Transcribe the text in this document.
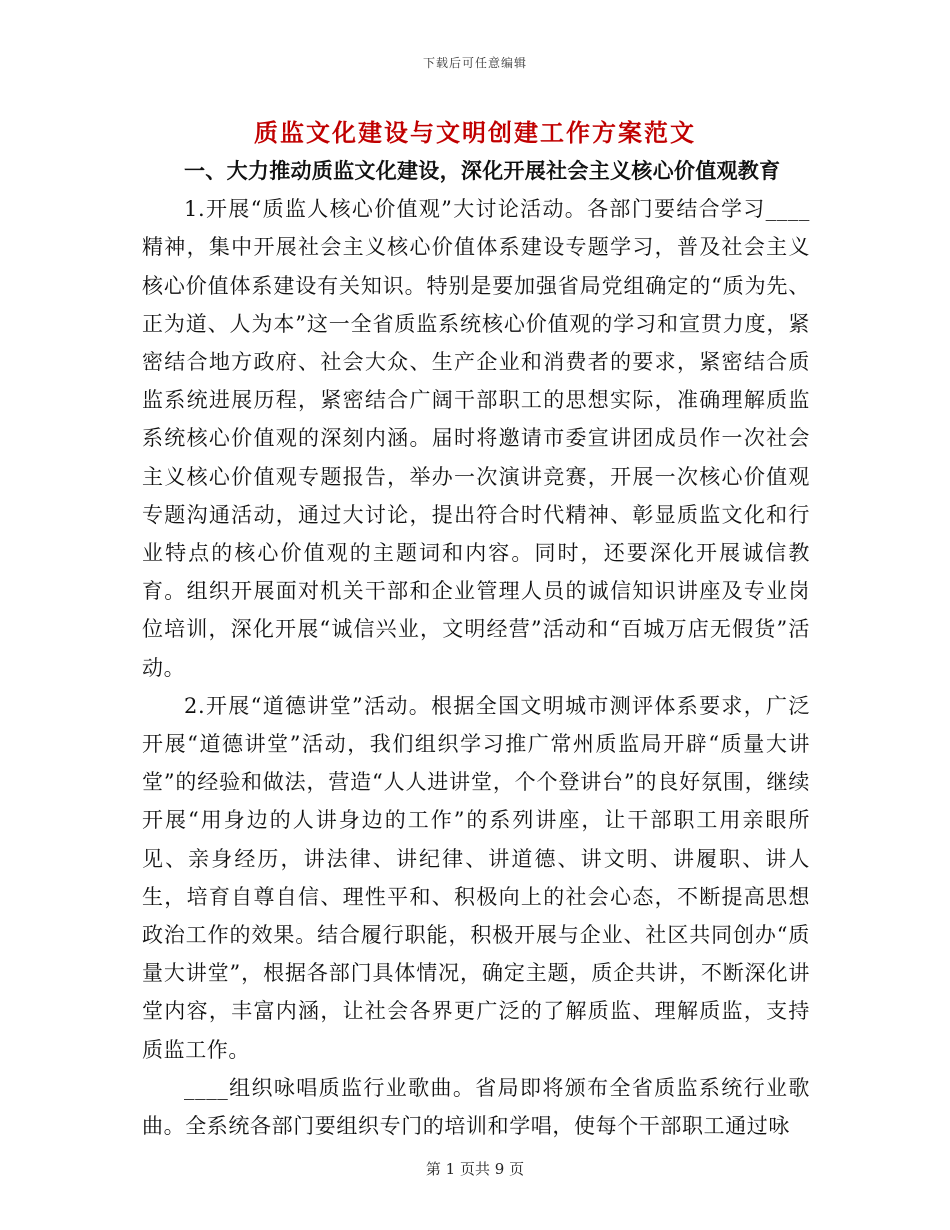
下载后可任意编辑
质监文化建设与文明创建工作方案范文

一、大力推动质监文化建设，深化开展社会主义核心价值观教育

1.开展“质监人核心价值观”大讨论活动。各部门要结合学习____精神，集中开展社会主义核心价值体系建设专题学习，普及社会主义核心价值体系建设有关知识。特别是要加强省局党组确定的“质为先、正为道、人为本”这一全省质监系统核心价值观的学习和宣贯力度，紧密结合地方政府、社会大众、生产企业和消费者的要求，紧密结合质监系统进展历程，紧密结合广阔干部职工的思想实际，准确理解质监系统核心价值观的深刻内涵。届时将邀请市委宣讲团成员作一次社会主义核心价值观专题报告，举办一次演讲竞赛，开展一次核心价值观专题沟通活动，通过大讨论，提出符合时代精神、彰显质监文化和行业特点的核心价值观的主题词和内容。同时，还要深化开展诚信教育。组织开展面对机关干部和企业管理人员的诚信知识讲座及专业岗位培训，深化开展“诚信兴业，文明经营”活动和“百城万店无假货”活动。

2.开展“道德讲堂”活动。根据全国文明城市测评体系要求，广泛开展“道德讲堂”活动，我们组织学习推广常州质监局开辟“质量大讲堂”的经验和做法，营造“人人进讲堂，个个登讲台”的良好氛围，继续开展“用身边的人讲身边的工作”的系列讲座，让干部职工用亲眼所见、亲身经历，讲法律、讲纪律、讲道德、讲文明、讲履职、讲人生，培育自尊自信、理性平和、积极向上的社会心态，不断提高思想政治工作的效果。结合履行职能，积极开展与企业、社区共同创办“质量大讲堂”，根据各部门具体情况，确定主题，质企共讲，不断深化讲堂内容，丰富内涵，让社会各界更广泛的了解质监、理解质监，支持质监工作。

____组织咏唱质监行业歌曲。省局即将颁布全省质监系统行业歌曲。全系统各部门要组织专门的培训和学唱，使每个干部职工通过咏

第 1 页共 9 页
